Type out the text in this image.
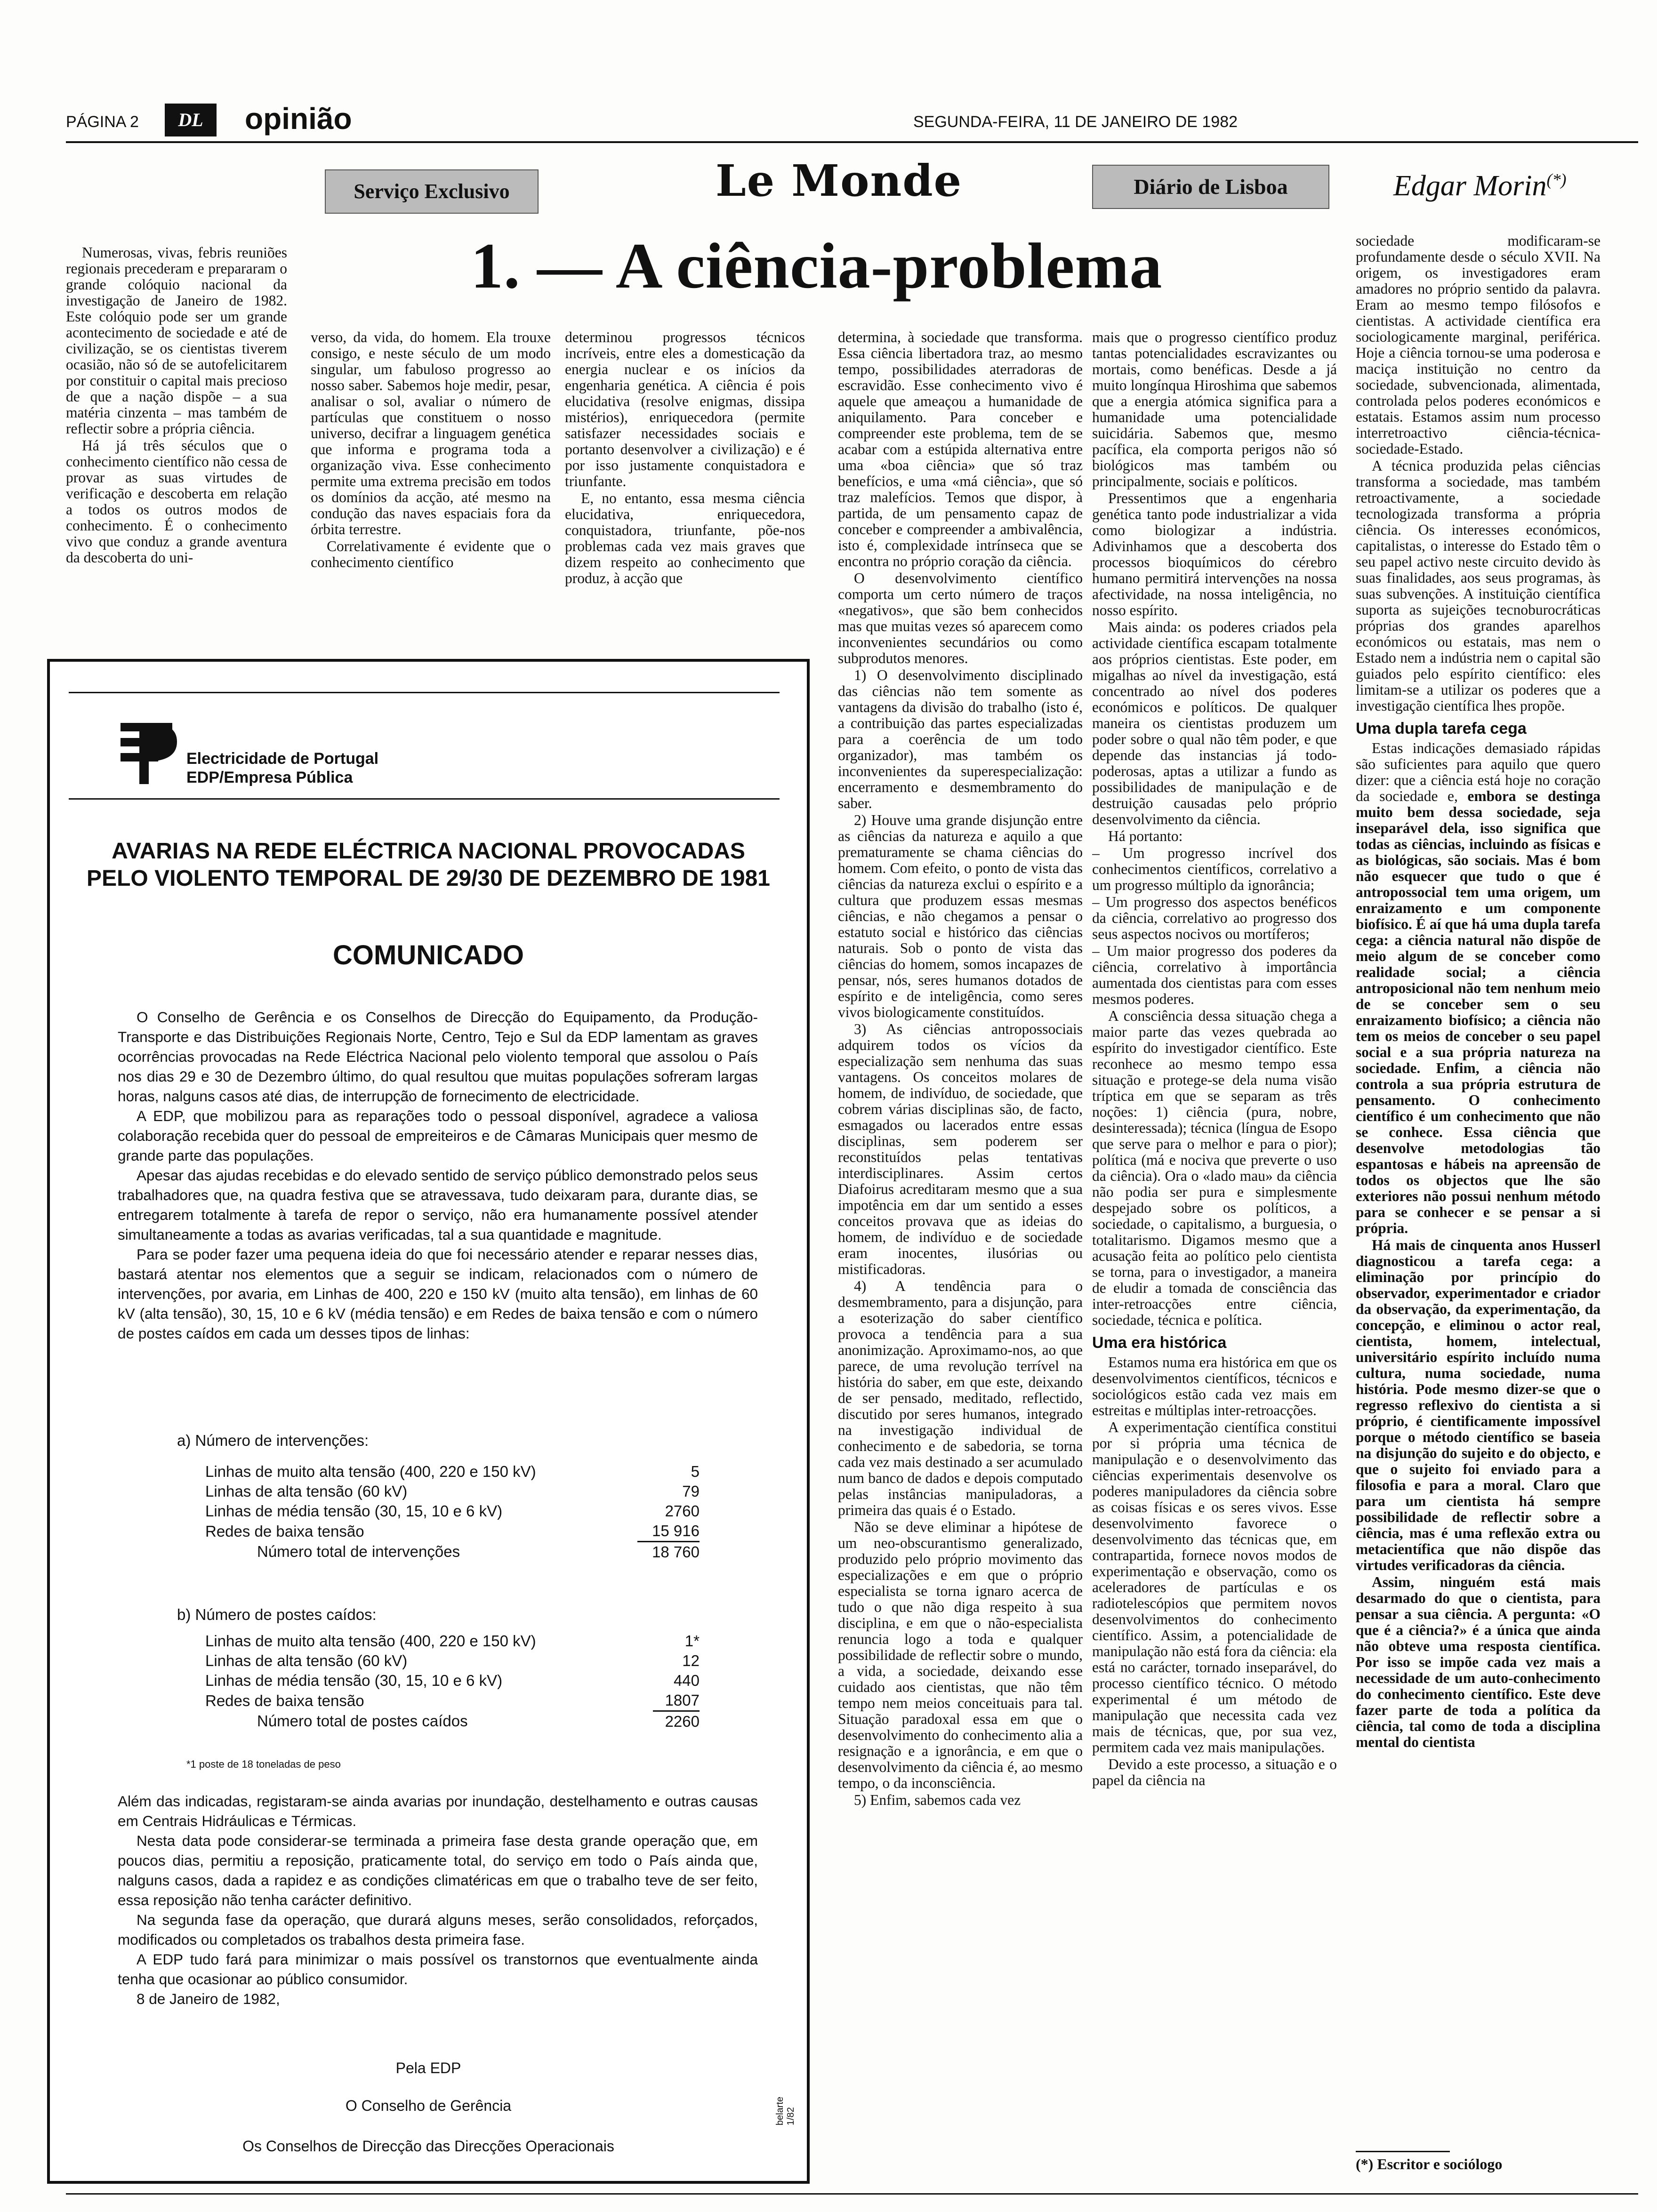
PÁGINA 2	DL	opinião	SEGUNDA-FEIRA, 11 DE JANEIRO DE 1982
Serviço Exclusivo	Le Monde	Diário de Lisboa	Edgar Morin(*)
1. — A ciência-problema

Numerosas, vivas, febris reuniões regionais precederam e prepararam o grande colóquio nacional da investigação de Janeiro de 1982. Este colóquio pode ser um grande acontecimento de sociedade e até de civilização, se os cientistas tiverem ocasião, não só de se autofelicitarem por constituir o capital mais precioso de que a nação dispõe – a sua matéria cinzenta – mas também de reflectir sobre a própria ciência.

Há já três séculos que o conhecimento científico não cessa de provar as suas virtudes de verificação e descoberta em relação a todos os outros modos de conhecimento. É o conhecimento vivo que conduz a grande aventura da descoberta do uni-

verso, da vida, do homem. Ela trouxe consigo, e neste século de um modo singular, um fabuloso progresso ao nosso saber. Sabemos hoje medir, pesar, analisar o sol, avaliar o número de partículas que constituem o nosso universo, decifrar a linguagem genética que informa e programa toda a organização viva. Esse conhecimento permite uma extrema precisão em todos os domínios da acção, até mesmo na condução das naves espaciais fora da órbita terrestre.

Correlativamente é evidente que o conhecimento científico

determinou progressos técnicos incríveis, entre eles a domesticação da energia nuclear e os inícios da engenharia genética. A ciência é pois elucidativa (resolve enigmas, dissipa mistérios), enriquecedora (permite satisfazer necessidades sociais e portanto desenvolver a civilização) e é por isso justamente conquistadora e triunfante.

E, no entanto, essa mesma ciência elucidativa, enriquecedora, conquistadora, triunfante, põe-nos problemas cada vez mais graves que dizem respeito ao conhecimento que produz, à acção que

determina, à sociedade que transforma. Essa ciência libertadora traz, ao mesmo tempo, possibilidades aterradoras de escravidão. Esse conhecimento vivo é aquele que ameaçou a humanidade de aniquilamento. Para conceber e compreender este problema, tem de se acabar com a estúpida alternativa entre uma «boa ciência» que só traz benefícios, e uma «má ciência», que só traz malefícios. Temos que dispor, à partida, de um pensamento capaz de conceber e compreender a ambivalência, isto é, complexidade intrínseca que se encontra no próprio coração da ciência.

O desenvolvimento científico comporta um certo número de traços «negativos», que são bem conhecidos mas que muitas vezes só aparecem como inconvenientes secundários ou como subprodutos menores.

1) O desenvolvimento disciplinado das ciências não tem somente as vantagens da divisão do trabalho (isto é, a contribuição das partes especializadas para a coerência de um todo organizador), mas também os inconvenientes da superespecialização: encerramento e desmembramento do saber.

2) Houve uma grande disjunção entre as ciências da natureza e aquilo a que prematuramente se chama ciências do homem. Com efeito, o ponto de vista das ciências da natureza exclui o espírito e a cultura que produzem essas mesmas ciências, e não chegamos a pensar o estatuto social e histórico das ciências naturais. Sob o ponto de vista das ciências do homem, somos incapazes de pensar, nós, seres humanos dotados de espírito e de inteligência, como seres vivos biologicamente constituídos.

3) As ciências antropossociais adquirem todos os vícios da especialização sem nenhuma das suas vantagens. Os conceitos molares de homem, de indivíduo, de sociedade, que cobrem várias disciplinas são, de facto, esmagados ou lacerados entre essas disciplinas, sem poderem ser reconstituídos pelas tentativas interdisciplinares. Assim certos Diafoirus acreditaram mesmo que a sua impotência em dar um sentido a esses conceitos provava que as ideias do homem, de indivíduo e de sociedade eram inocentes, ilusórias ou mistificadoras.

4) A tendência para o desmembramento, para a disjunção, para a esoterização do saber científico provoca a tendência para a sua anonimização. Aproximamo-nos, ao que parece, de uma revolução terrível na história do saber, em que este, deixando de ser pensado, meditado, reflectido, discutido por seres humanos, integrado na investigação individual de conhecimento e de sabedoria, se torna cada vez mais destinado a ser acumulado num banco de dados e depois computado pelas instâncias manipuladoras, a primeira das quais é o Estado.

Não se deve eliminar a hipótese de um neo-obscurantismo generalizado, produzido pelo próprio movimento das especializações e em que o próprio especialista se torna ignaro acerca de tudo o que não diga respeito à sua disciplina, e em que o não-especialista renuncia logo a toda e qualquer possibilidade de reflectir sobre o mundo, a vida, a sociedade, deixando esse cuidado aos cientistas, que não têm tempo nem meios conceituais para tal. Situação paradoxal essa em que o desenvolvimento do conhecimento alia a resignação e a ignorância, e em que o desenvolvimento da ciência é, ao mesmo tempo, o da inconsciência.

5) Enfim, sabemos cada vez

mais que o progresso científico produz tantas potencialidades escravizantes ou mortais, como benéficas. Desde a já muito longínqua Hiroshima que sabemos que a energia atómica significa para a humanidade uma potencialidade suicidária. Sabemos que, mesmo pacífica, ela comporta perigos não só biológicos mas também ou principalmente, sociais e políticos.

Pressentimos que a engenharia genética tanto pode industrializar a vida como biologizar a indústria. Adivinhamos que a descoberta dos processos bioquímicos do cérebro humano permitirá intervenções na nossa afectividade, na nossa inteligência, no nosso espírito.

Mais ainda: os poderes criados pela actividade científica escapam totalmente aos próprios cientistas. Este poder, em migalhas ao nível da investigação, está concentrado ao nível dos poderes económicos e políticos. De qualquer maneira os cientistas produzem um poder sobre o qual não têm poder, e que depende das instancias já todo-poderosas, aptas a utilizar a fundo as possibilidades de manipulação e de destruição causadas pelo próprio desenvolvimento da ciência.

Há portanto:

– Um progresso incrível dos conhecimentos científicos, correlativo a um progresso múltiplo da ignorância;

– Um progresso dos aspectos benéficos da ciência, correlativo ao progresso dos seus aspectos nocivos ou mortíferos;

– Um maior progresso dos poderes da ciência, correlativo à importância aumentada dos cientistas para com esses mesmos poderes.

A consciência dessa situação chega a maior parte das vezes quebrada ao espírito do investigador científico. Este reconhece ao mesmo tempo essa situação e protege-se dela numa visão tríptica em que se separam as três noções: 1) ciência (pura, nobre, desinteressada); técnica (língua de Esopo que serve para o melhor e para o pior); política (má e nociva que preverte o uso da ciência). Ora o «lado mau» da ciência não podia ser pura e simplesmente despejado sobre os políticos, a sociedade, o capitalismo, a burguesia, o totalitarismo. Digamos mesmo que a acusação feita ao político pelo cientista se torna, para o investigador, a maneira de eludir a tomada de consciência das inter-retroacções entre ciência, sociedade, técnica e política.

Uma era histórica

Estamos numa era histórica em que os desenvolvimentos científicos, técnicos e sociológicos estão cada vez mais em estreitas e múltiplas inter-retroacções.

A experimentação científica constitui por si própria uma técnica de manipulação e o desenvolvimento das ciências experimentais desenvolve os poderes manipuladores da ciência sobre as coisas físicas e os seres vivos. Esse desenvolvimento favorece o desenvolvimento das técnicas que, em contrapartida, fornece novos modos de experimentação e observação, como os aceleradores de partículas e os radiotelescópios que permitem novos desenvolvimentos do conhecimento científico. Assim, a potencialidade de manipulação não está fora da ciência: ela está no carácter, tornado inseparável, do processo científico técnico. O método experimental é um método de manipulação que necessita cada vez mais de técnicas, que, por sua vez, permitem cada vez mais manipulações.

Devido a este processo, a situação e o papel da ciência na

sociedade modificaram-se profundamente desde o século XVII. Na origem, os investigadores eram amadores no próprio sentido da palavra. Eram ao mesmo tempo filósofos e cientistas. A actividade científica era sociologicamente marginal, periférica. Hoje a ciência tornou-se uma poderosa e maciça instituição no centro da sociedade, subvencionada, alimentada, controlada pelos poderes económicos e estatais. Estamos assim num processo interretroactivo ciência-técnica-sociedade-Estado.

A técnica produzida pelas ciências transforma a sociedade, mas também retroactivamente, a sociedade tecnologizada transforma a própria ciência. Os interesses económicos, capitalistas, o interesse do Estado têm o seu papel activo neste circuito devido às suas finalidades, aos seus programas, às suas subvenções. A instituição científica suporta as sujeições tecnoburocráticas próprias dos grandes aparelhos económicos ou estatais, mas nem o Estado nem a indústria nem o capital são guiados pelo espírito científico: eles limitam-se a utilizar os poderes que a investigação científica lhes propõe.

Uma dupla tarefa cega

Estas indicações demasiado rápidas são suficientes para aquilo que quero dizer: que a ciência está hoje no coração da sociedade e, embora se destinga muito bem dessa sociedade, seja inseparável dela, isso significa que todas as ciências, incluindo as físicas e as biológicas, são sociais. Mas é bom não esquecer que tudo o que é antropossocial tem uma origem, um enraizamento e um componente biofísico. É aí que há uma dupla tarefa cega: a ciência natural não dispõe de meio algum de se conceber como realidade social; a ciência antroposicional não tem nenhum meio de se conceber sem o seu enraizamento biofísico; a ciência não tem os meios de conceber o seu papel social e a sua própria natureza na sociedade. Enfim, a ciência não controla a sua própria estrutura de pensamento. O conhecimento científico é um conhecimento que não se conhece. Essa ciência que desenvolve metodologias tão espantosas e hábeis na apreensão de todos os objectos que lhe são exteriores não possui nenhum método para se conhecer e se pensar a si própria.

Há mais de cinquenta anos Husserl diagnosticou a tarefa cega: a eliminação por princípio do observador, experimentador e criador da observação, da experimentação, da concepção, e eliminou o actor real, cientista, homem, intelectual, universitário espírito incluído numa cultura, numa sociedade, numa história. Pode mesmo dizer-se que o regresso reflexivo do cientista a si próprio, é cientificamente impossível porque o método científico se baseia na disjunção do sujeito e do objecto, e que o sujeito foi enviado para a filosofia e para a moral. Claro que para um cientista há sempre possibilidade de reflectir sobre a ciência, mas é uma reflexão extra ou metacientífica que não dispõe das virtudes verificadoras da ciência.

Assim, ninguém está mais desarmado do que o cientista, para pensar a sua ciência. A pergunta: «O que é a ciência?» é a única que ainda não obteve uma resposta científica. Por isso se impõe cada vez mais a necessidade de um auto-conhecimento do conhecimento científico. Este deve fazer parte de toda a política da ciência, tal como de toda a disciplina mental do cientista

(*) Escritor e sociólogo
Electricidade de Portugal
EDP/Empresa Pública
AVARIAS NA REDE ELÉCTRICA NACIONAL PROVOCADAS
PELO VIOLENTO TEMPORAL DE 29/30 DE DEZEMBRO DE 1981
COMUNICADO

O Conselho de Gerência e os Conselhos de Direcção do Equipamento, da Produção-Transporte e das Distribuições Regionais Norte, Centro, Tejo e Sul da EDP lamentam as graves ocorrências provocadas na Rede Eléctrica Nacional pelo violento temporal que assolou o País nos dias 29 e 30 de Dezembro último, do qual resultou que muitas populações sofreram largas horas, nalguns casos até dias, de interrupção de fornecimento de electricidade.

A EDP, que mobilizou para as reparações todo o pessoal disponível, agradece a valiosa colaboração recebida quer do pessoal de empreiteiros e de Câmaras Municipais quer mesmo de grande parte das populações.

Apesar das ajudas recebidas e do elevado sentido de serviço público demonstrado pelos seus trabalhadores que, na quadra festiva que se atravessava, tudo deixaram para, durante dias, se entregarem totalmente à tarefa de repor o serviço, não era humanamente possível atender simultaneamente a todas as avarias verificadas, tal a sua quantidade e magnitude.

Para se poder fazer uma pequena ideia do que foi necessário atender e reparar nesses dias, bastará atentar nos elementos que a seguir se indicam, relacionados com o número de intervenções, por avaria, em Linhas de 400, 220 e 150 kV (muito alta tensão), em linhas de 60 kV (alta tensão), 30, 15, 10 e 6 kV (média tensão) e em Redes de baixa tensão e com o número de postes caídos em cada um desses tipos de linhas:

a) Número de intervenções:
Linhas de muito alta tensão (400, 220 e 150 kV)	5
Linhas de alta tensão (60 kV)	79
Linhas de média tensão (30, 15, 10 e 6 kV)	2760
Redes de baixa tensão	15 916
Número total de intervenções	18 760
b) Número de postes caídos:
Linhas de muito alta tensão (400, 220 e 150 kV)	1*
Linhas de alta tensão (60 kV)	12
Linhas de média tensão (30, 15, 10 e 6 kV)	440
Redes de baixa tensão	1807
Número total de postes caídos	2260
*1 poste de 18 toneladas de peso

Além das indicadas, registaram-se ainda avarias por inundação, destelhamento e outras causas em Centrais Hidráulicas e Térmicas.

Nesta data pode considerar-se terminada a primeira fase desta grande operação que, em poucos dias, permitiu a reposição, praticamente total, do serviço em todo o País ainda que, nalguns casos, dada a rapidez e as condições climatéricas em que o trabalho teve de ser feito, essa reposição não tenha carácter definitivo.

Na segunda fase da operação, que durará alguns meses, serão consolidados, reforçados, modificados ou completados os trabalhos desta primeira fase.

A EDP tudo fará para minimizar o mais possível os transtornos que eventualmente ainda tenha que ocasionar ao público consumidor.

8 de Janeiro de 1982,

Pela EDP
O Conselho de Gerência
Os Conselhos de Direcção das Direcções Operacionais
belarte 1/82
